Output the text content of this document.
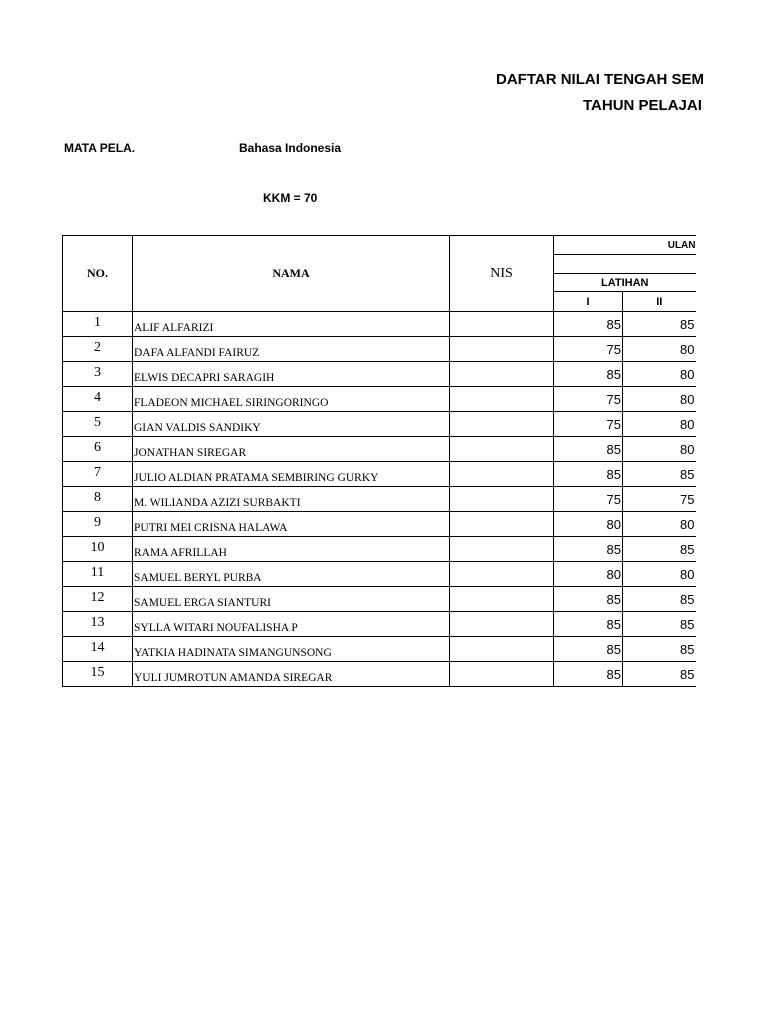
DAFTAR NILAI TENGAH SEM
TAHUN PELAJAI
MATA PELA.	Bahasa Indonesia
KKM = 70
NO.	NAMA	NIS	ULAN	

			LATIHAN	
			I	II
1	ALIF ALFARIZI		85	85
2	DAFA ALFANDI FAIRUZ		75	80
3	ELWIS DECAPRI SARAGIH		85	80
4	FLADEON MICHAEL SIRINGORINGO		75	80
5	GIAN VALDIS SANDIKY		75	80
6	JONATHAN SIREGAR		85	80
7	JULIO ALDIAN PRATAMA SEMBIRING GURKY		85	85
8	M. WILIANDA AZIZI SURBAKTI		75	75
9	PUTRI MEI CRISNA HALAWA		80	80
10	RAMA AFRILLAH		85	85
11	SAMUEL BERYL PURBA		80	80
12	SAMUEL ERGA SIANTURI		85	85
13	SYLLA WITARI NOUFALISHA P		85	85
14	YATKIA HADINATA SIMANGUNSONG		85	85
15	YULI JUMROTUN AMANDA SIREGAR		85	85
